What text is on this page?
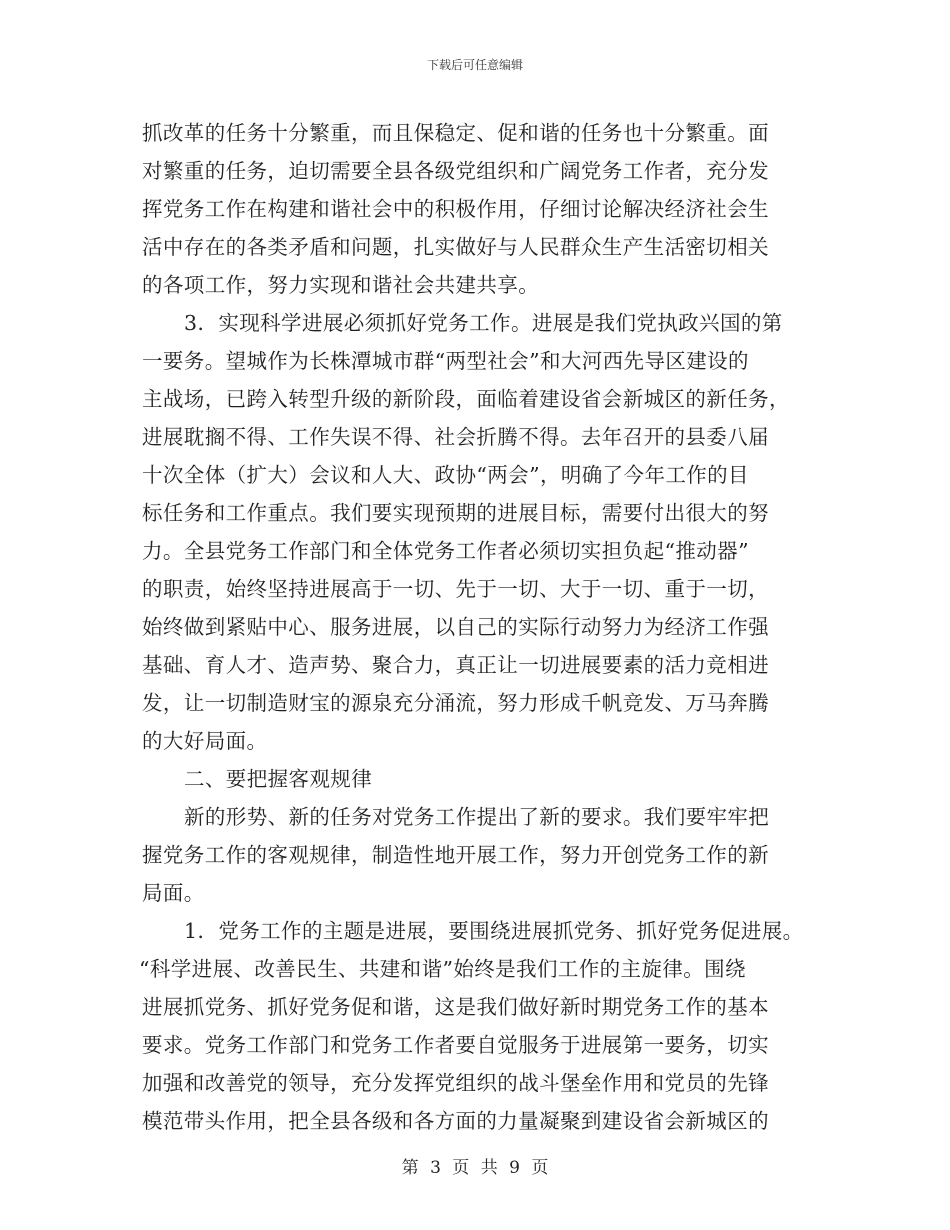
下载后可任意编辑
抓改革的任务十分繁重，而且保稳定、促和谐的任务也十分繁重。面
对繁重的任务，迫切需要全县各级党组织和广阔党务工作者，充分发
挥党务工作在构建和谐社会中的积极作用，仔细讨论解决经济社会生
活中存在的各类矛盾和问题，扎实做好与人民群众生产生活密切相关
的各项工作，努力实现和谐社会共建共享。
3．实现科学进展必须抓好党务工作。进展是我们党执政兴国的第
一要务。望城作为长株潭城市群“两型社会”和大河西先导区建设的
主战场，已跨入转型升级的新阶段，面临着建设省会新城区的新任务，
进展耽搁不得、工作失误不得、社会折腾不得。去年召开的县委八届
十次全体（扩大）会议和人大、政协“两会”，明确了今年工作的目
标任务和工作重点。我们要实现预期的进展目标，需要付出很大的努
力。全县党务工作部门和全体党务工作者必须切实担负起“推动器”
的职责，始终坚持进展高于一切、先于一切、大于一切、重于一切，
始终做到紧贴中心、服务进展，以自己的实际行动努力为经济工作强
基础、育人才、造声势、聚合力，真正让一切进展要素的活力竞相进
发，让一切制造财宝的源泉充分涌流，努力形成千帆竞发、万马奔腾
的大好局面。
二、要把握客观规律
新的形势、新的任务对党务工作提出了新的要求。我们要牢牢把
握党务工作的客观规律，制造性地开展工作，努力开创党务工作的新
局面。
1．党务工作的主题是进展，要围绕进展抓党务、抓好党务促进展。
“科学进展、改善民生、共建和谐”始终是我们工作的主旋律。围绕
进展抓党务、抓好党务促和谐，这是我们做好新时期党务工作的基本
要求。党务工作部门和党务工作者要自觉服务于进展第一要务，切实
加强和改善党的领导，充分发挥党组织的战斗堡垒作用和党员的先锋
模范带头作用，把全县各级和各方面的力量凝聚到建设省会新城区的
第 3 页 共 9 页
